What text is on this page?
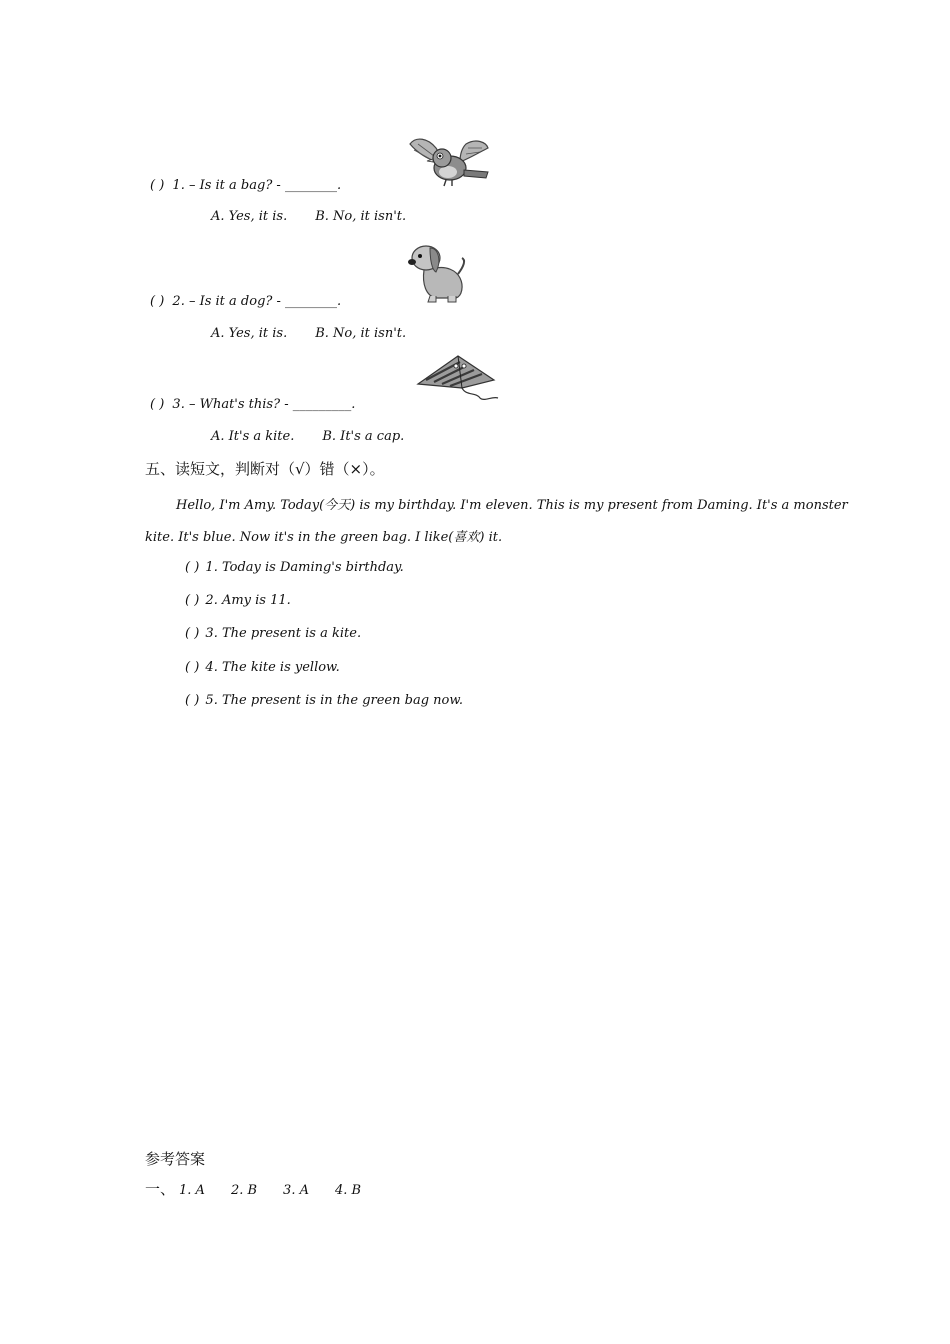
( ) 1. – Is it a bag? - ________.
A. Yes, it is. B. No, it isn't.
( ) 2. – Is it a dog? - ________.
A. Yes, it is. B. No, it isn't.
( ) 3. – What's this? - _________.
A. It's a kite. B. It's a cap.
五、读短文，判断对（√）错（×）。
Hello, I'm Amy. Today(今天) is my birthday. I'm eleven. This is my present from Daming. It's a monster
kite. It's blue. Now it's in the green bag. I like(喜欢) it.
( ) 1. Today is Daming's birthday.
( ) 2. Amy is 11.
( ) 3. The present is a kite.
( ) 4. The kite is yellow.
( ) 5. The present is in the green bag now.
参考答案
一、 1. A 2. B 3. A 4. B
